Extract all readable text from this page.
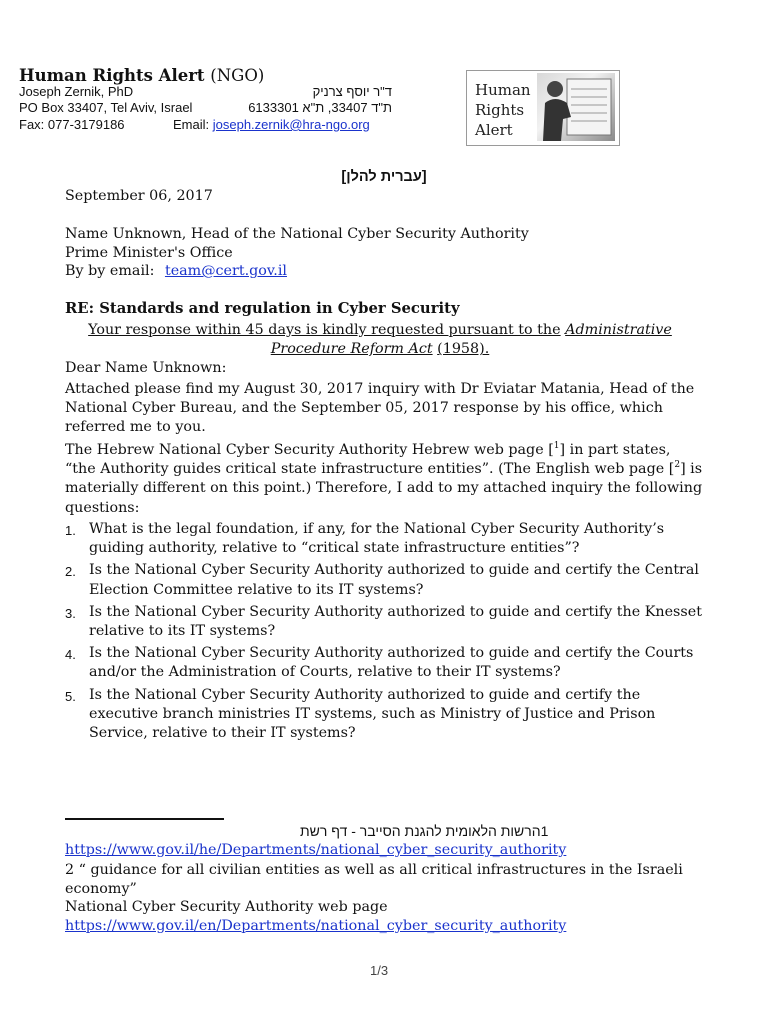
Human Rights Alert (NGO)
Joseph Zernik, PhD	ד"ר יוסף צרניק
PO Box 33407, Tel Aviv, Israel	ת"ד 33407, ת"א 6133301
Fax: 077-3179186	Email: joseph.zernik@hra-ngo.org
Human
Rights
Alert
[עברית להלן]
September 06, 2017
Name Unknown, Head of the National Cyber Security Authority
Prime Minister's Office
By by email: team@cert.gov.il
RE: Standards and regulation in Cyber Security
Your response within 45 days is kindly requested pursuant to the Administrative Procedure Reform Act (1958).
Dear Name Unknown:
Attached please find my August 30, 2017 inquiry with Dr Eviatar Matania, Head of the National Cyber Bureau, and the September 05, 2017 response by his office, which referred me to you.
The Hebrew National Cyber Security Authority Hebrew web page [$^1$] in part states, “the Authority guides critical state infrastructure entities”. (The English web page [$^2$] is materially different on this point.) Therefore, I add to my attached inquiry the following questions:
1. What is the legal foundation, if any, for the National Cyber Security Authority’s guiding authority, relative to “critical state infrastructure entities”?
2. Is the National Cyber Security Authority authorized to guide and certify the Central Election Committee relative to its IT systems?
3. Is the National Cyber Security Authority authorized to guide and certify the Knesset relative to its IT systems?
4. Is the National Cyber Security Authority authorized to guide and certify the Courts and/or the Administration of Courts, relative to their IT systems?
5. Is the National Cyber Security Authority authorized to guide and certify the executive branch ministries IT systems, such as Ministry of Justice and Prison Service, relative to their IT systems?
1הרשות הלאומית להגנת הסייבר - דף רשת
https://www.gov.il/he/Departments/national_cyber_security_authority
2 “ guidance for all civilian entities as well as all critical infrastructures in the Israeli economy”
National Cyber Security Authority web page
https://www.gov.il/en/Departments/national_cyber_security_authority
1/3
